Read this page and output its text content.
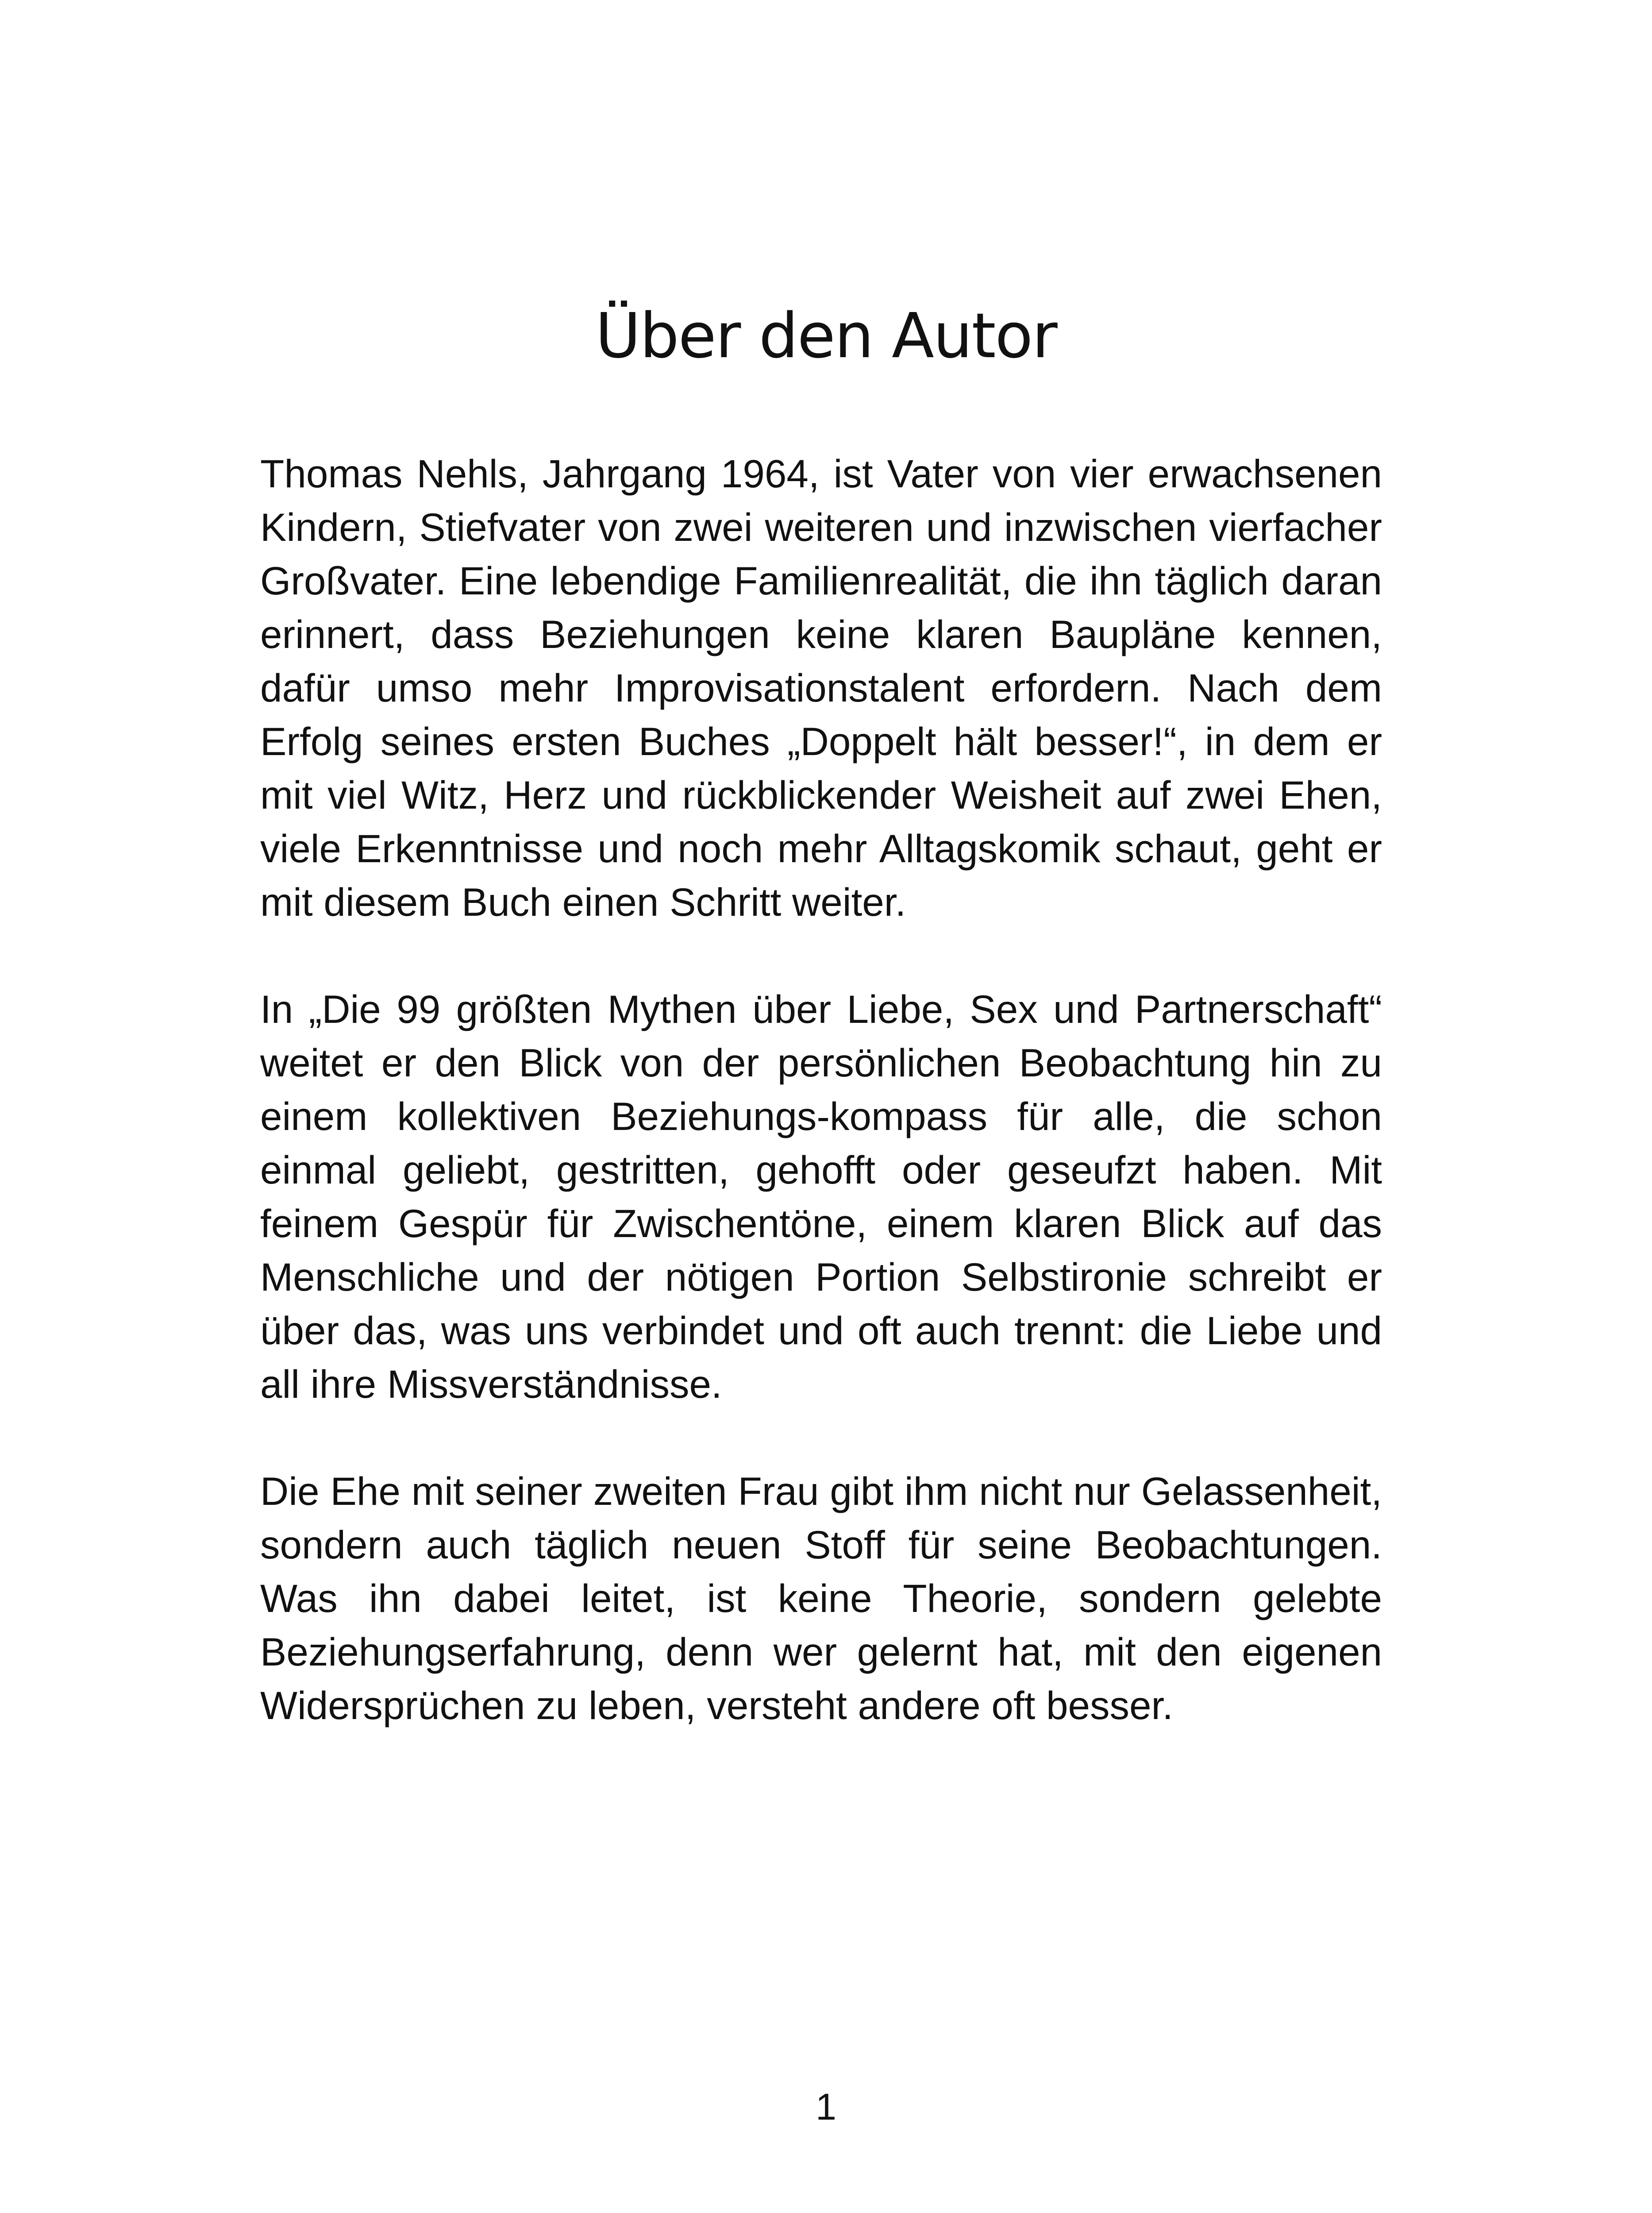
Über den Autor

Thomas Nehls, Jahrgang 1964, ist Vater von vier erwachsenen Kindern, Stiefvater von zwei weiteren und inzwischen vierfacher Großvater. Eine lebendige Familienrealität, die ihn täglich daran erinnert, dass Beziehungen keine klaren Baupläne kennen, dafür umso mehr Improvisationstalent erfordern. Nach dem Erfolg seines ersten Buches „Doppelt hält besser!“, in dem er mit viel Witz, Herz und rückblickender Weisheit auf zwei Ehen, viele Erkenntnisse und noch mehr Alltagskomik schaut, geht er mit diesem Buch einen Schritt weiter.

In „Die 99 größten Mythen über Liebe, Sex und Partnerschaft“ weitet er den Blick von der persönlichen Beobachtung hin zu einem kollektiven Beziehungs-kompass für alle, die schon einmal geliebt, gestritten, gehofft oder geseufzt haben. Mit feinem Gespür für Zwischentöne, einem klaren Blick auf das Menschliche und der nötigen Portion Selbstironie schreibt er über das, was uns verbindet und oft auch trennt: die Liebe und all ihre Missverständnisse.

Die Ehe mit seiner zweiten Frau gibt ihm nicht nur Gelassenheit, sondern auch täglich neuen Stoff für seine Beobachtungen. Was ihn dabei leitet, ist keine Theorie, sondern gelebte Beziehungserfahrung, denn wer gelernt hat, mit den eigenen Widersprüchen zu leben, versteht andere oft besser.

1
